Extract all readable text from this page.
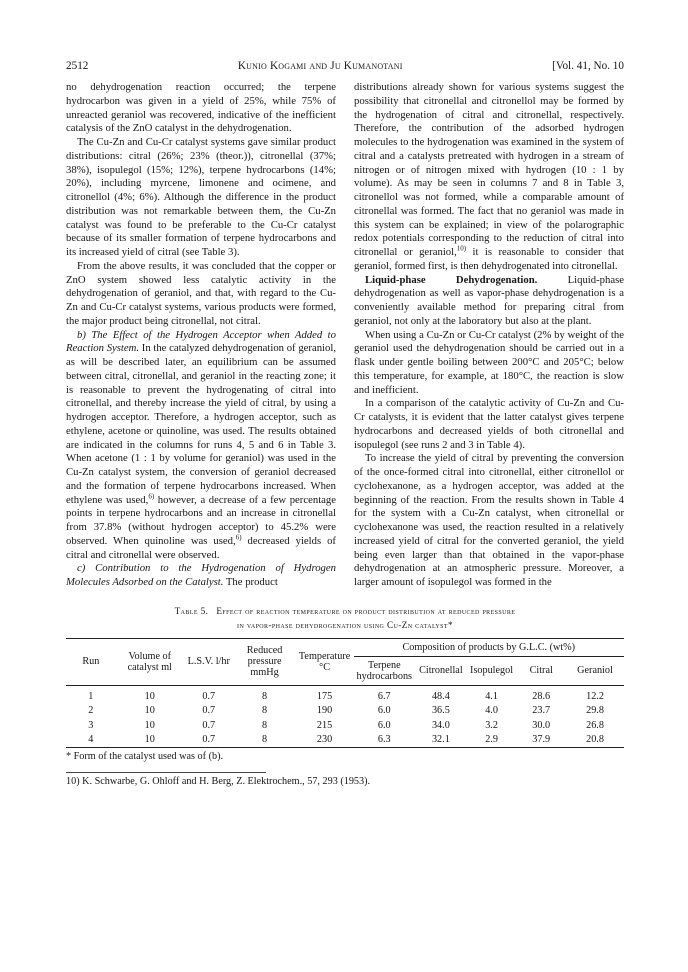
2512	Kunio Kogami and Ju Kumanotani	[Vol. 41, No. 10

no dehydrogenation reaction occurred; the terpene hydrocarbon was given in a yield of 25%, while 75% of unreacted geraniol was recovered, indicative of the inefficient catalysis of the ZnO catalyst in the dehydrogenation.

The Cu-Zn and Cu-Cr catalyst systems gave similar product distributions: citral (26%; 23% (theor.)), citronellal (37%; 38%), isopulegol (15%; 12%), terpene hydrocarbons (14%; 20%), including myrcene, limonene and ocimene, and citronellol (4%; 6%). Although the difference in the product distribution was not remarkable between them, the Cu-Zn catalyst was found to be preferable to the Cu-Cr catalyst because of its smaller formation of terpene hydrocarbons and its increased yield of citral (see Table 3).

From the above results, it was concluded that the copper or ZnO system showed less catalytic activity in the dehydrogenation of geraniol, and that, with regard to the Cu-Zn and Cu-Cr catalyst systems, various products were formed, the major product being citronellal, not citral.

b) The Effect of the Hydrogen Acceptor when Added to Reaction System. In the catalyzed dehydrogenation of geraniol, as will be described later, an equilibrium can be assumed between citral, citronellal, and geraniol in the reacting zone; it is reasonable to prevent the hydrogenating of citral into citronellal, and thereby increase the yield of citral, by using a hydrogen acceptor. Therefore, a hydrogen acceptor, such as ethylene, acetone or quinoline, was used. The results obtained are indicated in the columns for runs 4, 5 and 6 in Table 3. When acetone (1 : 1 by volume for geraniol) was used in the Cu-Zn catalyst system, the conversion of geraniol decreased and the formation of terpene hydrocarbons increased. When ethylene was used,$^{6)}$ however, a decrease of a few percentage points in terpene hydrocarbons and an increase in citronellal from 37.8% (without hydrogen acceptor) to 45.2% were observed. When quinoline was used,$^{6)}$ decreased yields of citral and citronellal were observed.

c) Contribution to the Hydrogenation of Hydrogen Molecules Adsorbed on the Catalyst. The product

distributions already shown for various systems suggest the possibility that citronellal and citronellol may be formed by the hydrogenation of citral and citronellal, respectively. Therefore, the contribution of the adsorbed hydrogen molecules to the hydrogenation was examined in the system of citral and a catalysts pretreated with hydrogen in a stream of nitrogen or of nitrogen mixed with hydrogen (10 : 1 by volume). As may be seen in columns 7 and 8 in Table 3, citronellol was not formed, while a comparable amount of citronellal was formed. The fact that no geraniol was made in this system can be explained; in view of the polarographic redox potentials corresponding to the reduction of citral into citronellal or geraniol,$^{10)}$ it is reasonable to consider that geraniol, formed first, is then dehydrogenated into citronellal.

Liquid-phase Dehydrogenation. Liquid-phase dehydrogenation as well as vapor-phase dehydrogenation is a conveniently available method for preparing citral from geraniol, not only at the laboratory but also at the plant.

When using a Cu-Zn or Cu-Cr catalyst (2% by weight of the geraniol used the dehydrogenation should be carried out in a flask under gentle boiling between 200°C and 205°C; below this temperature, for example, at 180°C, the reaction is slow and inefficient.

In a comparison of the catalytic activity of Cu-Zn and Cu-Cr catalysts, it is evident that the latter catalyst gives terpene hydrocarbons and decreased yields of both citronellal and isopulegol (see runs 2 and 3 in Table 4).

To increase the yield of citral by preventing the conversion of the once-formed citral into citronellal, either citronellol or cyclohexanone, as a hydrogen acceptor, was added at the beginning of the reaction. From the results shown in Table 4 for the system with a Cu-Zn catalyst, when citronellal or cyclohexanone was used, the reaction resulted in a relatively increased yield of citral for the converted geraniol, the yield being even larger than that obtained in the vapor-phase dehydrogenation at an atmospheric pressure. Moreover, a larger amount of isopulegol was formed in the

Table 5. Effect of reaction temperature on product distribution at reduced pressure
in vapor-phase dehydrogenation using Cu-Zn catalyst*
Run	Volume of catalyst ml	L.S.V. l/hr	Reduced pressure mmHg	Temperature °C	Composition of products by G.L.C. (wt%)				
					Terpene hydrocarbons	Citronellal	Isopulegol	Citral	Geraniol
1	10	0.7	8	175	6.7	48.4	4.1	28.6	12.2
2	10	0.7	8	190	6.0	36.5	4.0	23.7	29.8
3	10	0.7	8	215	6.0	34.0	3.2	30.0	26.8
4	10	0.7	8	230	6.3	32.1	2.9	37.9	20.8
* Form of the catalyst used was of (b).
10) K. Schwarbe, G. Ohloff and H. Berg, Z. Elektrochem., 57, 293 (1953).
